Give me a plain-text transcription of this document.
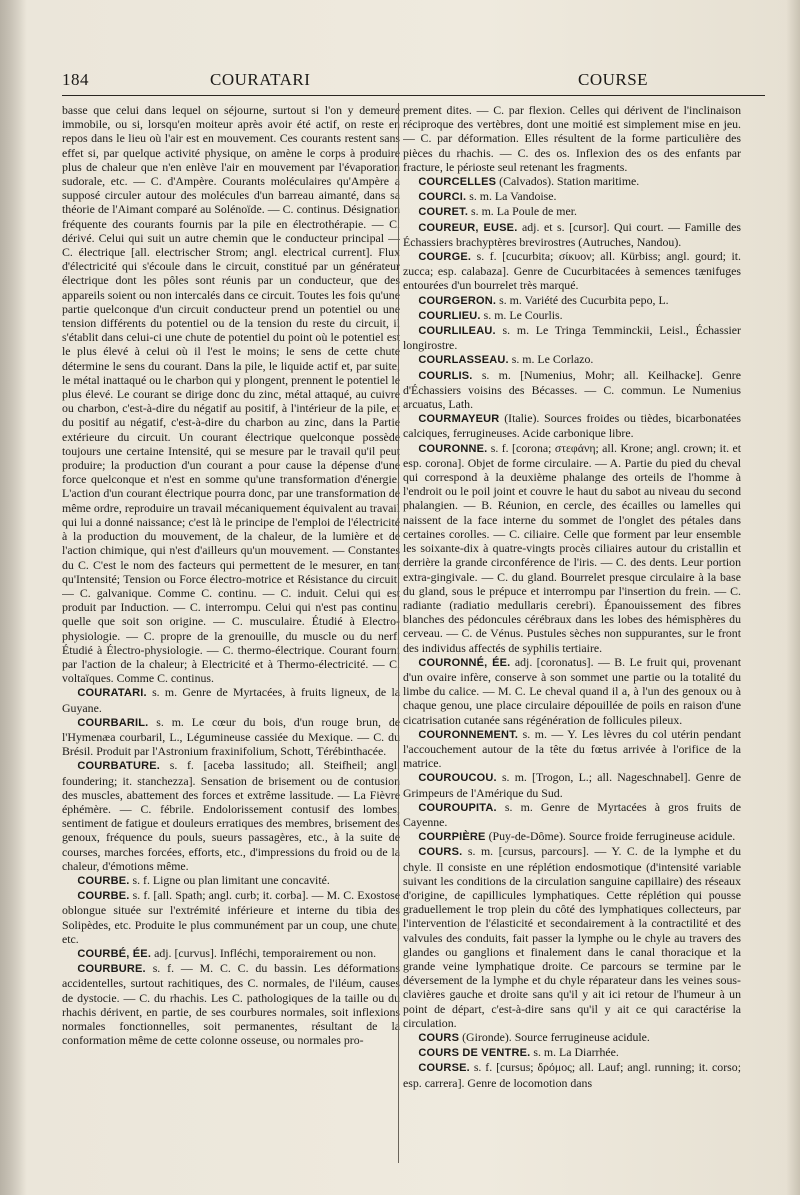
184	COURATARI	COURSE

basse que celui dans lequel on séjourne, surtout si l'on y demeure immobile, ou si, lorsqu'en moiteur après avoir été actif, on reste en repos dans le lieu où l'air est en mouvement. Ces courants restent sans effet si, par quelque activité physique, on amène le corps à produire plus de chaleur que n'en enlève l'air en mouvement par l'évaporation sudorale, etc. — C. d'Ampère. Courants moléculaires qu'Ampère a supposé circuler autour des molécules d'un barreau aimanté, dans sa théorie de l'Aimant comparé au Solénoïde. — C. continus. Désignation fréquente des courants fournis par la pile en électrothérapie. — C. dérivé. Celui qui suit un autre chemin que le conducteur principal — C. électrique [all. electrischer Strom; angl. electrical current]. Flux d'électricité qui s'écoule dans le circuit, constitué par un générateur électrique dont les pôles sont réunis par un conducteur, que des appareils soient ou non intercalés dans ce circuit. Toutes les fois qu'une partie quelconque d'un circuit conducteur prend un potentiel ou une tension différents du potentiel ou de la tension du reste du circuit, il s'établit dans celui-ci une chute de potentiel du point où le potentiel est le plus élevé à celui où il l'est le moins; le sens de cette chute détermine le sens du courant. Dans la pile, le liquide actif et, par suite, le métal inattaqué ou le charbon qui y plongent, prennent le potentiel le plus élevé. Le courant se dirige donc du zinc, métal attaqué, au cuivre ou charbon, c'est-à-dire du négatif au positif, à l'intérieur de la pile, et du positif au négatif, c'est-à-dire du charbon au zinc, dans la Partie extérieure du circuit. Un courant électrique quelconque possède toujours une certaine Intensité, qui se mesure par le travail qu'il peut produire; la production d'un courant a pour cause la dépense d'une force quelconque et n'est en somme qu'une transformation d'énergie. L'action d'un courant électrique pourra donc, par une transformation de même ordre, reproduire un travail mécaniquement équivalent au travail qui lui a donné naissance; c'est là le principe de l'emploi de l'électricité à la production du mouvement, de la chaleur, de la lumière et de l'action chimique, qui n'est d'ailleurs qu'un mouvement. — Constantes du C. C'est le nom des facteurs qui permettent de le mesurer, en tant qu'Intensité; Tension ou Force électro-motrice et Résistance du circuit. — C. galvanique. Comme C. continu. — C. induit. Celui qui est produit par Induction. — C. interrompu. Celui qui n'est pas continu, quelle que soit son origine. — C. musculaire. Étudié à Electro-physiologie. — C. propre de la grenouille, du muscle ou du nerf. Étudié à Électro-physiologie. — C. thermo-électrique. Courant fourni par l'action de la chaleur; à Electricité et à Thermo-électricité. — C. voltaïques. Comme C. continus.

COURATARI. s. m. Genre de Myrtacées, à fruits ligneux, de la Guyane.

COURBARIL. s. m. Le cœur du bois, d'un rouge brun, de l'Hymenæa courbaril, L., Légumineuse cassiée du Mexique. — C. du Brésil. Produit par l'Astronium fraxinifolium, Schott, Térébinthacée.

COURBATURE. s. f. [aceba lassitudo; all. Steifheil; angl. foundering; it. stanchezza]. Sensation de brisement ou de contusion des muscles, abattement des forces et extrême lassitude. — La Fièvre éphémère. — C. fébrile. Endolorissement contusif des lombes, sentiment de fatigue et douleurs erratiques des membres, brisement des genoux, fréquence du pouls, sueurs passagères, etc., à la suite de courses, marches forcées, efforts, etc., d'impressions du froid ou de la chaleur, d'émotions même.

COURBE. s. f. Ligne ou plan limitant une concavité.

COURBE. s. f. [all. Spath; angl. curb; it. corba]. — M. C. Exostose oblongue située sur l'extrémité inférieure et interne du tibia des Solipèdes, etc. Produite le plus communément par un coup, une chute, etc.

COURBÉ, ÉE. adj. [curvus]. Infléchi, temporairement ou non.

COURBURE. s. f. — M. C. C. du bassin. Les déformations accidentelles, surtout rachitiques, des C. normales, de l'iléum, causes de dystocie. — C. du rhachis. Les C. pathologiques de la taille ou du rhachis dérivent, en partie, de ses courbures normales, soit inflexions normales fonctionnelles, soit permanentes, résultant de la conformation même de cette colonne osseuse, ou normales pro-

prement dites. — C. par flexion. Celles qui dérivent de l'inclinaison réciproque des vertèbres, dont une moitié est simplement mise en jeu. — C. par déformation. Elles résultent de la forme particulière des pièces du rhachis. — C. des os. Inflexion des os des enfants par fracture, le périoste seul retenant les fragments.

COURCELLES (Calvados). Station maritime.

COURCI. s. m. La Vandoise.

COURET. s. m. La Poule de mer.

COUREUR, EUSE. adj. et s. [cursor]. Qui court. — Famille des Échassiers brachyptères brevirostres (Autruches, Nandou).

COURGE. s. f. [cucurbita; σίκυον; all. Kürbiss; angl. gourd; it. zucca; esp. calabaza]. Genre de Cucurbitacées à semences tænifuges entourées d'un bourrelet très marqué.

COURGERON. s. m. Variété des Cucurbita pepo, L.

COURLIEU. s. m. Le Courlis.

COURLILEAU. s. m. Le Tringa Temminckii, Leisl., Échassier longirostre.

COURLASSEAU. s. m. Le Corlazo.

COURLIS. s. m. [Numenius, Mohr; all. Keilhacke]. Genre d'Échassiers voisins des Bécasses. — C. commun. Le Numenius arcuatus, Lath.

COURMAYEUR (Italie). Sources froides ou tièdes, bicarbonatées calciques, ferrugineuses. Acide carbonique libre.

COURONNE. s. f. [corona; στεφάνη; all. Krone; angl. crown; it. et esp. corona]. Objet de forme circulaire. — A. Partie du pied du cheval qui correspond à la deuxième phalange des orteils de l'homme à l'endroit ou le poil joint et couvre le haut du sabot au niveau du second phalangien. — B. Réunion, en cercle, des écailles ou lamelles qui naissent de la face interne du sommet de l'onglet des pétales dans certaines corolles. — C. ciliaire. Celle que forment par leur ensemble les soixante-dix à quatre-vingts procès ciliaires autour du cristallin et derrière la grande circonférence de l'iris. — C. des dents. Leur portion extra-gingivale. — C. du gland. Bourrelet presque circulaire à la base du gland, sous le prépuce et interrompu par l'insertion du frein. — C. radiante (radiatio medullaris cerebri). Épanouissement des fibres blanches des pédoncules cérébraux dans les lobes des hémisphères du cerveau. — C. de Vénus. Pustules sèches non suppurantes, sur le front des individus affectés de syphilis tertiaire.

COURONNÉ, ÉE. adj. [coronatus]. — B. Le fruit qui, provenant d'un ovaire infère, conserve à son sommet une partie ou la totalité du limbe du calice. — M. C. Le cheval quand il a, à l'un des genoux ou à chaque genou, une place circulaire dépouillée de poils en raison d'une cicatrisation cutanée sans régénération de follicules pileux.

COURONNEMENT. s. m. — Y. Les lèvres du col utérin pendant l'accouchement autour de la tête du fœtus arrivée à l'orifice de la matrice.

COUROUCOU. s. m. [Trogon, L.; all. Nageschnabel]. Genre de Grimpeurs de l'Amérique du Sud.

COUROUPITA. s. m. Genre de Myrtacées à gros fruits de Cayenne.

COURPIÈRE (Puy-de-Dôme). Source froide ferrugineuse acidule.

COURS. s. m. [cursus, parcours]. — Y. C. de la lymphe et du chyle. Il consiste en une réplétion endosmotique (d'intensité variable suivant les conditions de la circulation sanguine capillaire) des réseaux d'origine, de capillicules lymphatiques. Cette réplétion qui pousse graduellement le trop plein du côté des lymphatiques collecteurs, par l'intervention de l'élasticité et secondairement à la contractilité et des valvules des conduits, fait passer la lymphe ou le chyle au travers des glandes ou ganglions et finalement dans le canal thoracique et la grande veine lymphatique droite. Ce parcours se termine par le déversement de la lymphe et du chyle réparateur dans les veines sous-clavières gauche et droite sans qu'il y ait ici retour de l'humeur à un point de départ, c'est-à-dire sans qu'il y ait ce qui caractérise la circulation.

COURS (Gironde). Source ferrugineuse acidule.

COURS DE VENTRE. s. m. La Diarrhée.

COURSE. s. f. [cursus; δρόμος; all. Lauf; angl. running; it. corso; esp. carrera]. Genre de locomotion dans
